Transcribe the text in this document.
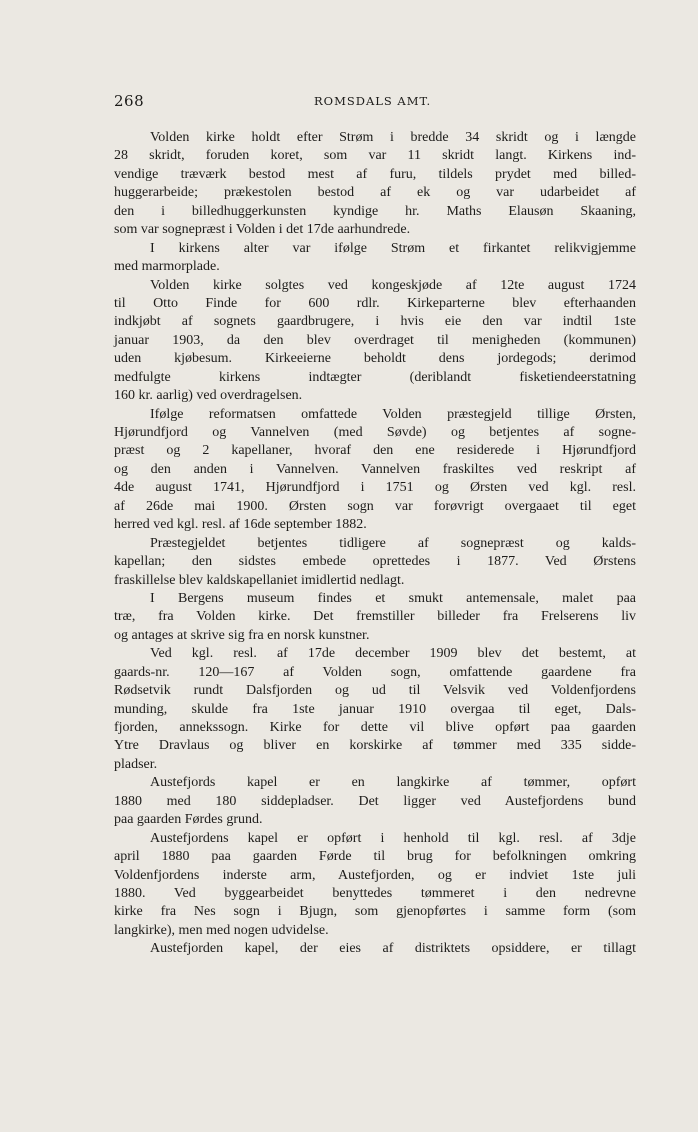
268	ROMSDALS AMT.
Volden kirke holdt efter Strøm i bredde 34 skridt og i længde
28 skridt, foruden koret, som var 11 skridt langt. Kirkens ind-
vendige træværk bestod mest af furu, tildels prydet med billed-
huggerarbeide; prækestolen bestod af ek og var udarbeidet af
den i billedhuggerkunsten kyndige hr. Maths Elausøn Skaaning,
som var sognepræst i Volden i det 17de aarhundrede.
I kirkens alter var ifølge Strøm et firkantet relikvigjemme
med marmorplade.
Volden kirke solgtes ved kongeskjøde af 12te august 1724
til Otto Finde for 600 rdlr. Kirkeparterne blev efterhaanden
indkjøbt af sognets gaardbrugere, i hvis eie den var indtil 1ste
januar 1903, da den blev overdraget til menigheden (kommunen)
uden kjøbesum. Kirkeeierne beholdt dens jordegods; derimod
medfulgte kirkens indtægter (deriblandt fisketiendeerstatning
160 kr. aarlig) ved overdragelsen.
Ifølge reformatsen omfattede Volden præstegjeld tillige Ørsten,
Hjørundfjord og Vannelven (med Søvde) og betjentes af sogne-
præst og 2 kapellaner, hvoraf den ene residerede i Hjørundfjord
og den anden i Vannelven. Vannelven fraskiltes ved reskript af
4de august 1741, Hjørundfjord i 1751 og Ørsten ved kgl. resl.
af 26de mai 1900. Ørsten sogn var forøvrigt overgaaet til eget
herred ved kgl. resl. af 16de september 1882.
Præstegjeldet betjentes tidligere af sognepræst og kalds-
kapellan; den sidstes embede oprettedes i 1877. Ved Ørstens
fraskillelse blev kaldskapellaniet imidlertid nedlagt.
I Bergens museum findes et smukt antemensale, malet paa
træ, fra Volden kirke. Det fremstiller billeder fra Frelserens liv
og antages at skrive sig fra en norsk kunstner.
Ved kgl. resl. af 17de december 1909 blev det bestemt, at
gaards-nr. 120—167 af Volden sogn, omfattende gaardene fra
Rødsetvik rundt Dalsfjorden og ud til Velsvik ved Voldenfjordens
munding, skulde fra 1ste januar 1910 overgaa til eget, Dals-
fjorden, annekssogn. Kirke for dette vil blive opført paa gaarden
Ytre Dravlaus og bliver en korskirke af tømmer med 335 sidde-
pladser.
Austefjords kapel er en langkirke af tømmer, opført
1880 med 180 siddepladser. Det ligger ved Austefjordens bund
paa gaarden Førdes grund.
Austefjordens kapel er opført i henhold til kgl. resl. af 3dje
april 1880 paa gaarden Førde til brug for befolkningen omkring
Voldenfjordens inderste arm, Austefjorden, og er indviet 1ste juli
1880. Ved byggearbeidet benyttedes tømmeret i den nedrevne
kirke fra Nes sogn i Bjugn, som gjenopførtes i samme form (som
langkirke), men med nogen udvidelse.
Austefjorden kapel, der eies af distriktets opsiddere, er tillagt
